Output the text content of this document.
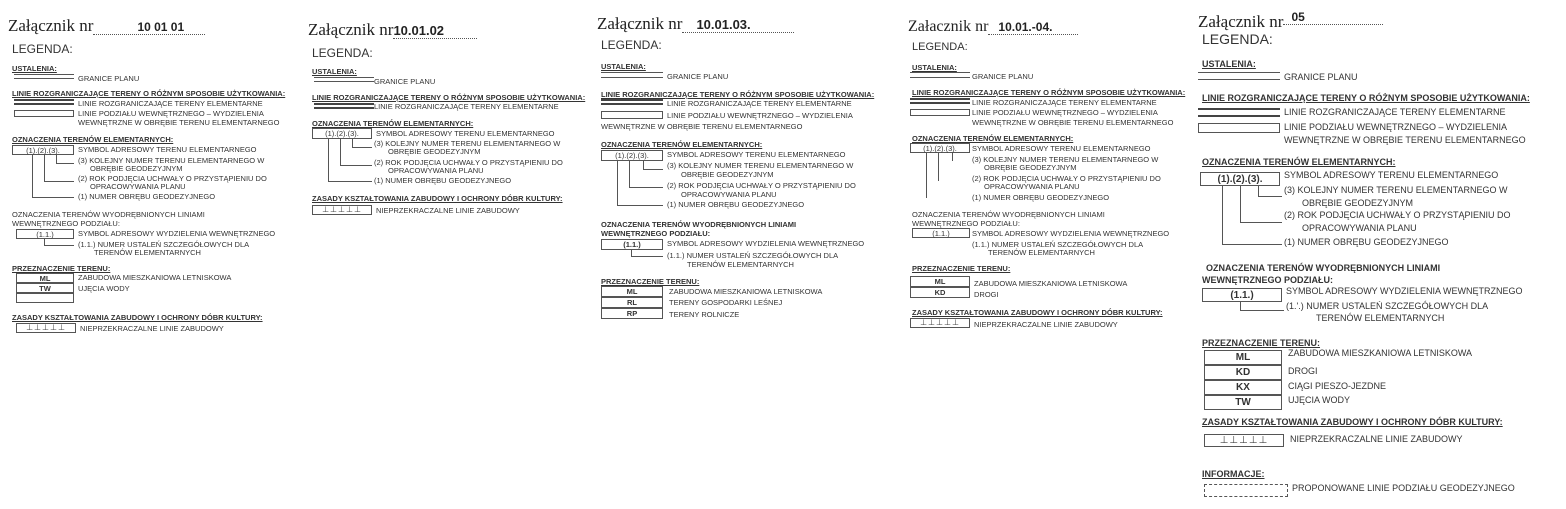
Załącznik nr	10 01 01
LEGENDA:
USTALENIA:
GRANICE PLANU
LINIE ROZGRANICZAJĄCE TERENY O RÓŻNYM SPOSOBIE UŻYTKOWANIA:
LINIE ROZGRANICZAJĄCE TERENY ELEMENTARNE
LINIE PODZIAŁU WEWNĘTRZNEGO – WYDZIELENIA
WEWNĘTRZNE W OBRĘBIE TERENU ELEMENTARNEGO
OZNACZENIA TERENÓW ELEMENTARNYCH:
(1).(2).(3).	SYMBOL ADRESOWY TERENU ELEMENTARNEGO
(3) KOLEJNY NUMER TERENU ELEMENTARNEGO W
OBRĘBIE GEODEZYJNYM
(2) ROK PODJĘCIA UCHWAŁY O PRZYSTĄPIENIU DO
OPRACOWYWANIA PLANU
(1) NUMER OBRĘBU GEODEZYJNEGO
OZNACZENIA TERENÓW WYODRĘBNIONYCH LINIAMI
WEWNĘTRZNEGO PODZIAŁU:
(1.1.)	SYMBOL ADRESOWY WYDZIELENIA WEWNĘTRZNEGO
(1.1.) NUMER USTALEŃ SZCZEGÓŁOWYCH DLA
TERENÓW ELEMENTARNYCH
PRZEZNACZENIE TERENU:
ML	ZABUDOWA MIESZKANIOWA LETNISKOWA
TW	UJĘCIA WODY
ZASADY KSZTAŁTOWANIA ZABUDOWY I OCHRONY DÓBR KULTURY:
⊥⊥⊥⊥⊥	NIEPRZEKRACZALNE LINIE ZABUDOWY
Załącznik nr10.01.02
LEGENDA:
USTALENIA:
GRANICE PLANU
LINIE ROZGRANICZAJĄCE TERENY O RÓŻNYM SPOSOBIE UŻYTKOWANIA:
LINIE ROZGRANICZAJĄCE TERENY ELEMENTARNE
OZNACZENIA TERENÓW ELEMENTARNYCH:
(1).(2).(3).	SYMBOL ADRESOWY TERENU ELEMENTARNEGO
(3) KOLEJNY NUMER TERENU ELEMENTARNEGO W
OBRĘBIE GEODEZYJNYM
(2) ROK PODJĘCIA UCHWAŁY O PRZYSTĄPIENIU DO
OPRACOWYWANIA PLANU
(1) NUMER OBRĘBU GEODEZYJNEGO
ZASADY KSZTAŁTOWANIA ZABUDOWY I OCHRONY DÓBR KULTURY:
⊥⊥⊥⊥⊥	NIEPRZEKRACZALNE LINIE ZABUDOWY
Załącznik nr 10.01.03.
LEGENDA:
USTALENIA:
GRANICE PLANU
LINIE ROZGRANICZAJĄCE TERENY O RÓŻNYM SPOSOBIE UŻYTKOWANIA:
LINIE ROZGRANICZAJĄCE TERENY ELEMENTARNE
LINIE PODZIAŁU WEWNĘTRZNEGO – WYDZIELENIA
WEWNĘTRZNE W OBRĘBIE TERENU ELEMENTARNEGO
OZNACZENIA TERENÓW ELEMENTARNYCH:
(1).(2).(3).	SYMBOL ADRESOWY TERENU ELEMENTARNEGO
(3) KOLEJNY NUMER TERENU ELEMENTARNEGO W
OBRĘBIE GEODEZYJNYM
(2) ROK PODJĘCIA UCHWAŁY O PRZYSTĄPIENIU DO
OPRACOWYWANIA PLANU
(1) NUMER OBRĘBU GEODEZYJNEGO
OZNACZENIA TERENÓW WYODRĘBNIONYCH LINIAMI
WEWNĘTRZNEGO PODZIAŁU:
(1.1.)	SYMBOL ADRESOWY WYDZIELENIA WEWNĘTRZNEGO
(1.1.) NUMER USTALEŃ SZCZEGÓŁOWYCH DLA
TERENÓW ELEMENTARNYCH
PRZEZNACZENIE TERENU:
ML	ZABUDOWA MIESZKANIOWA LETNISKOWA
RL	TERENY GOSPODARKI LEŚNEJ
RP	TERENY ROLNICZE
Załacznik nr 10.01.-04.
LEGENDA:
USTALENIA:
GRANICE PLANU
LINIE ROZGRANICZAJĄCE TERENY O RÓŻNYM SPOSOBIE UŻYTKOWANIA:
LINIE ROZGRANICZAJĄCE TERENY ELEMENTARNE
LINIE PODZIAŁU WEWNĘTRZNEGO – WYDZIELENIA
WEWNĘTRZNE W OBRĘBIE TERENU ELEMENTARNEGO
OZNACZENIA TERENÓW ELEMENTARNYCH:
(1).(2).(3).	SYMBOL ADRESOWY TERENU ELEMENTARNEGO
(3) KOLEJNY NUMER TERENU ELEMENTARNEGO W
OBRĘBIE GEODEZYJNYM
(2) ROK PODJĘCIA UCHWAŁY O PRZYSTĄPIENIU DO
OPRACOWYWANIA PLANU
(1) NUMER OBRĘBU GEODEZYJNEGO
OZNACZENIA TERENÓW WYODRĘBNIONYCH LINIAMI
WEWNĘTRZNEGO PODZIAŁU:
(1.1.)	SYMBOL ADRESOWY WYDZIELENIA WEWNĘTRZNEGO
(1.1.) NUMER USTALEŃ SZCZEGÓŁOWYCH DLA
TERENÓW ELEMENTARNYCH
PRZEZNACZENIE TERENU:
ML	ZABUDOWA MIESZKANIOWA LETNISKOWA
KD	DROGI
ZASADY KSZTAŁTOWANIA ZABUDOWY I OCHRONY DÓBR KULTURY:
⊥⊥⊥⊥⊥	NIEPRZEKRACZALNE LINIE ZABUDOWY
Załącznik nr 05
LEGENDA:
USTALENIA:
GRANICE PLANU
LINIE ROZGRANICZAJĄCE TERENY O RÓŻNYM SPOSOBIE UŻYTKOWANIA:
LINIE ROZGRANICZAJĄCE TERENY ELEMENTARNE
LINIE PODZIAŁU WEWNĘTRZNEGO – WYDZIELENIA
WEWNĘTRZNE W OBRĘBIE TERENU ELEMENTARNEGO
OZNACZENIA TERENÓW ELEMENTARNYCH:
(1).(2).(3).	SYMBOL ADRESOWY TERENU ELEMENTARNEGO
(3) KOLEJNY NUMER TERENU ELEMENTARNEGO W
OBRĘBIE GEODEZYJNYM
(2) ROK PODJĘCIA UCHWAŁY O PRZYSTĄPIENIU DO
OPRACOWYWANIA PLANU
(1) NUMER OBRĘBU GEODEZYJNEGO
OZNACZENIA TERENÓW WYODRĘBNIONYCH LINIAMI
WEWNĘTRZNEGO PODZIAŁU:
(1.1.)	SYMBOL ADRESOWY WYDZIELENIA WEWNĘTRZNEGO
(1.'.) NUMER USTALEŃ SZCZEGÓŁOWYCH DLA
TERENÓW ELEMENTARNYCH
PRZEZNACZENIE TERENU:
ML	ZABUDOWA MIESZKANIOWA LETNISKOWA
KD	DROGI
KX	CIĄGI PIESZO-JEZDNE
TW	UJĘCIA WODY
ZASADY KSZTAŁTOWANIA ZABUDOWY I OCHRONY DÓBR KULTURY:
⊥⊥⊥⊥⊥	NIEPRZEKRACZALNE LINIE ZABUDOWY
INFORMACJE:
PROPONOWANE LINIE PODZIAŁU GEODEZYJNEGO
